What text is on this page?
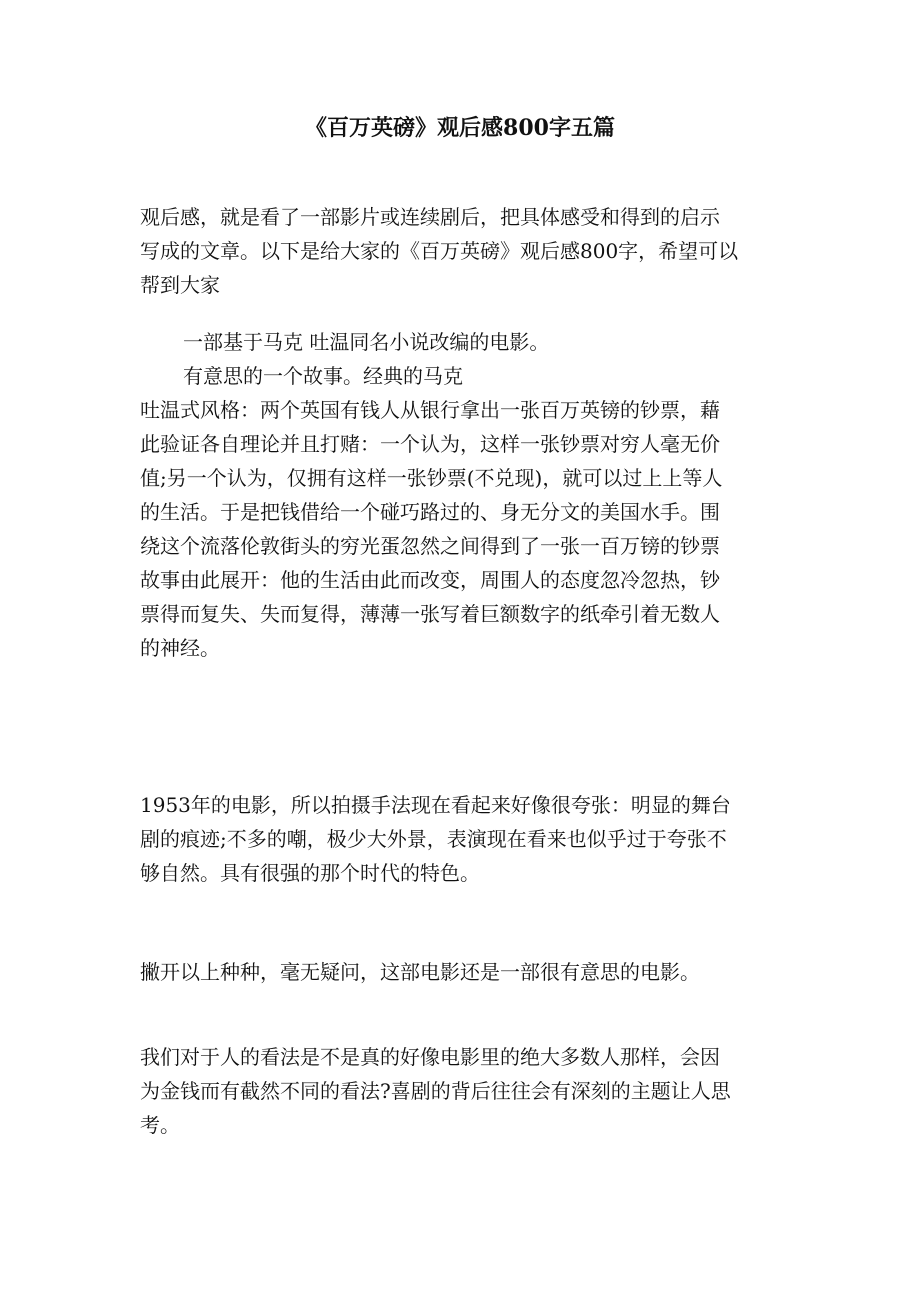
《百万英磅》观后感800字五篇
观后感，就是看了一部影片或连续剧后，把具体感受和得到的启示
写成的文章。以下是给大家的《百万英磅》观后感800字，希望可以
帮到大家
一部基于马克 吐温同名小说改编的电影。
有意思的一个故事。经典的马克
吐温式风格：两个英国有钱人从银行拿出一张百万英镑的钞票，藉
此验证各自理论并且打赌：一个认为，这样一张钞票对穷人毫无价
值;另一个认为，仅拥有这样一张钞票(不兑现)，就可以过上上等人
的生活。于是把钱借给一个碰巧路过的、身无分文的美国水手。围
绕这个流落伦敦街头的穷光蛋忽然之间得到了一张一百万镑的钞票
故事由此展开：他的生活由此而改变，周围人的态度忽冷忽热，钞
票得而复失、失而复得，薄薄一张写着巨额数字的纸牵引着无数人
的神经。
1953年的电影，所以拍摄手法现在看起来好像很夸张：明显的舞台
剧的痕迹;不多的嘲，极少大外景，表演现在看来也似乎过于夸张不
够自然。具有很强的那个时代的特色。
撇开以上种种，毫无疑问，这部电影还是一部很有意思的电影。
我们对于人的看法是不是真的好像电影里的绝大多数人那样，会因
为金钱而有截然不同的看法?喜剧的背后往往会有深刻的主题让人思
考。
